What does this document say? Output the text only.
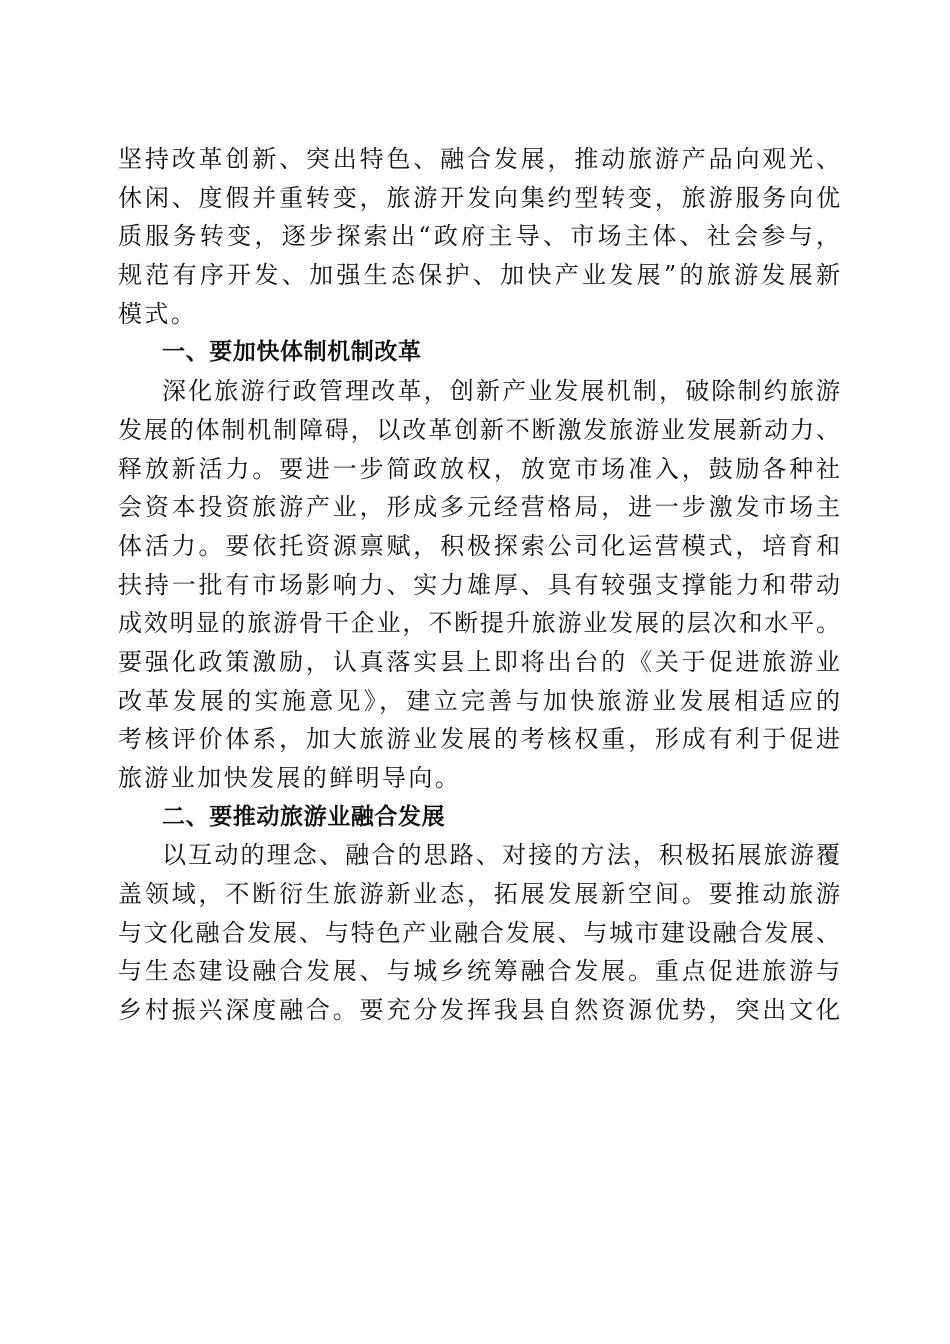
坚持改革创新、突出特色、融合发展，推动旅游产品向观光、
休闲、度假并重转变，旅游开发向集约型转变，旅游服务向优
质服务转变，逐步探索出“政府主导、市场主体、社会参与，
规范有序开发、加强生态保护、加快产业发展”的旅游发展新
模式。
一、要加快体制机制改革
深化旅游行政管理改革，创新产业发展机制，破除制约旅游
发展的体制机制障碍，以改革创新不断激发旅游业发展新动力、
释放新活力。要进一步简政放权，放宽市场准入，鼓励各种社
会资本投资旅游产业，形成多元经营格局，进一步激发市场主
体活力。要依托资源禀赋，积极探索公司化运营模式，培育和
扶持一批有市场影响力、实力雄厚、具有较强支撑能力和带动
成效明显的旅游骨干企业，不断提升旅游业发展的层次和水平。
要强化政策激励，认真落实县上即将出台的《关于促进旅游业
改革发展的实施意见》，建立完善与加快旅游业发展相适应的
考核评价体系，加大旅游业发展的考核权重，形成有利于促进
旅游业加快发展的鲜明导向。
二、要推动旅游业融合发展
以互动的理念、融合的思路、对接的方法，积极拓展旅游覆
盖领域，不断衍生旅游新业态，拓展发展新空间。要推动旅游
与文化融合发展、与特色产业融合发展、与城市建设融合发展、
与生态建设融合发展、与城乡统筹融合发展。重点促进旅游与
乡村振兴深度融合。要充分发挥我县自然资源优势，突出文化
